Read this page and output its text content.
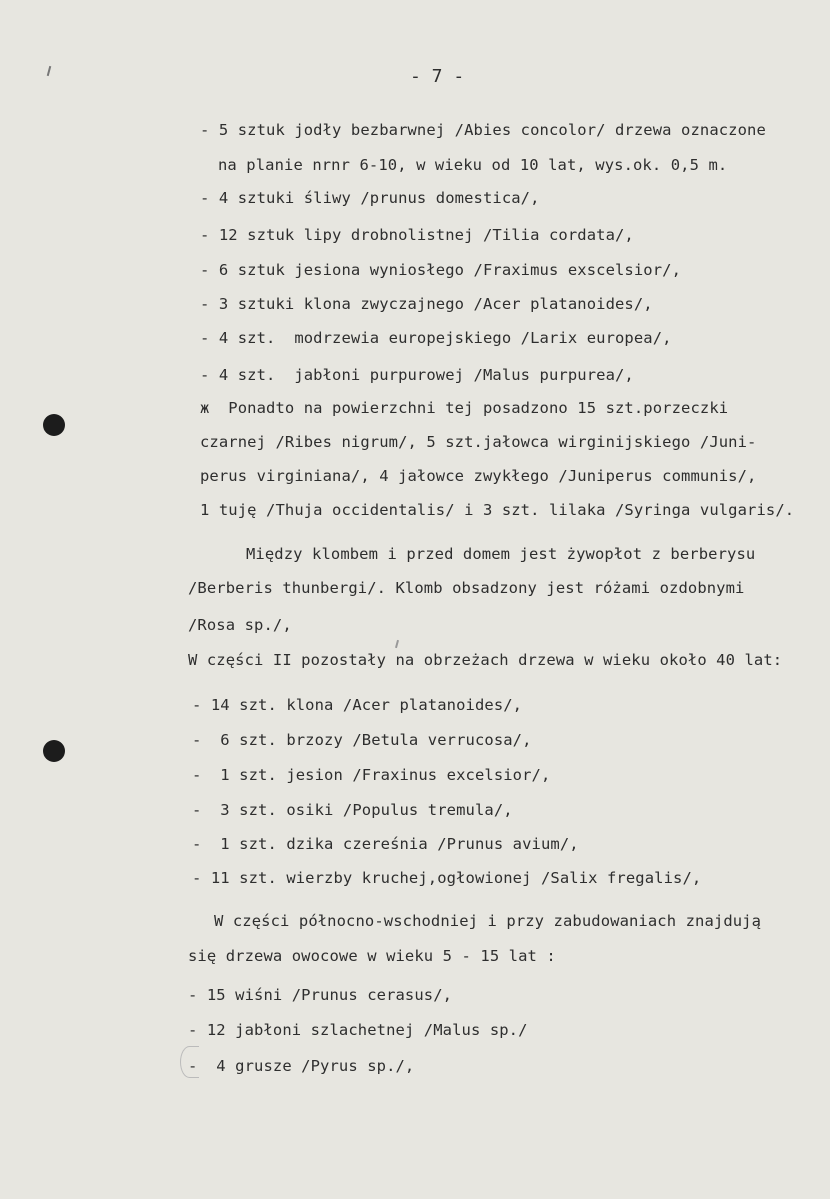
- 7 -
- 5 sztuk jodły bezbarwnej /Abies concolor/ drzewa oznaczone
na planie nrnr 6-10, w wieku od 10 lat, wys.ok. 0,5 m.
- 4 sztuki śliwy /prunus domestica/,
- 12 sztuk lipy drobnolistnej /Tilia cordata/,
- 6 sztuk jesiona wyniosłego /Fraximus exscelsior/,
- 3 sztuki klona zwyczajnego /Acer platanoides/,
- 4 szt.  modrzewia europejskiego /Larix europea/,
- 4 szt.  jabłoni purpurowej /Malus purpurea/,
ж  Ponadto na powierzchni tej posadzono 15 szt.porzeczki
czarnej /Ribes nigrum/, 5 szt.jałowca wirginijskiego /Juni-
perus virginiana/, 4 jałowce zwykłego /Juniperus communis/,
1 tuję /Thuja occidentalis/ i 3 szt. lilaka /Syringa vulgaris/.
Między klombem i przed domem jest żywopłot z berberysu
/Berberis thunbergi/. Klomb obsadzony jest różami ozdobnymi
/Rosa sp./,
W części II pozostały na obrzeżach drzewa w wieku około 40 lat:
- 14 szt. klona /Acer platanoides/,
-  6 szt. brzozy /Betula verrucosa/,
-  1 szt. jesion /Fraxinus excelsior/,
-  3 szt. osiki /Populus tremula/,
-  1 szt. dzika czereśnia /Prunus avium/,
- 11 szt. wierzby kruchej,ogłowionej /Salix fregalis/,
W części północno-wschodniej i przy zabudowaniach znajdują
się drzewa owocowe w wieku 5 - 15 lat :
- 15 wiśni /Prunus cerasus/,
- 12 jabłoni szlachetnej /Malus sp./
-  4 grusze /Pyrus sp./,
